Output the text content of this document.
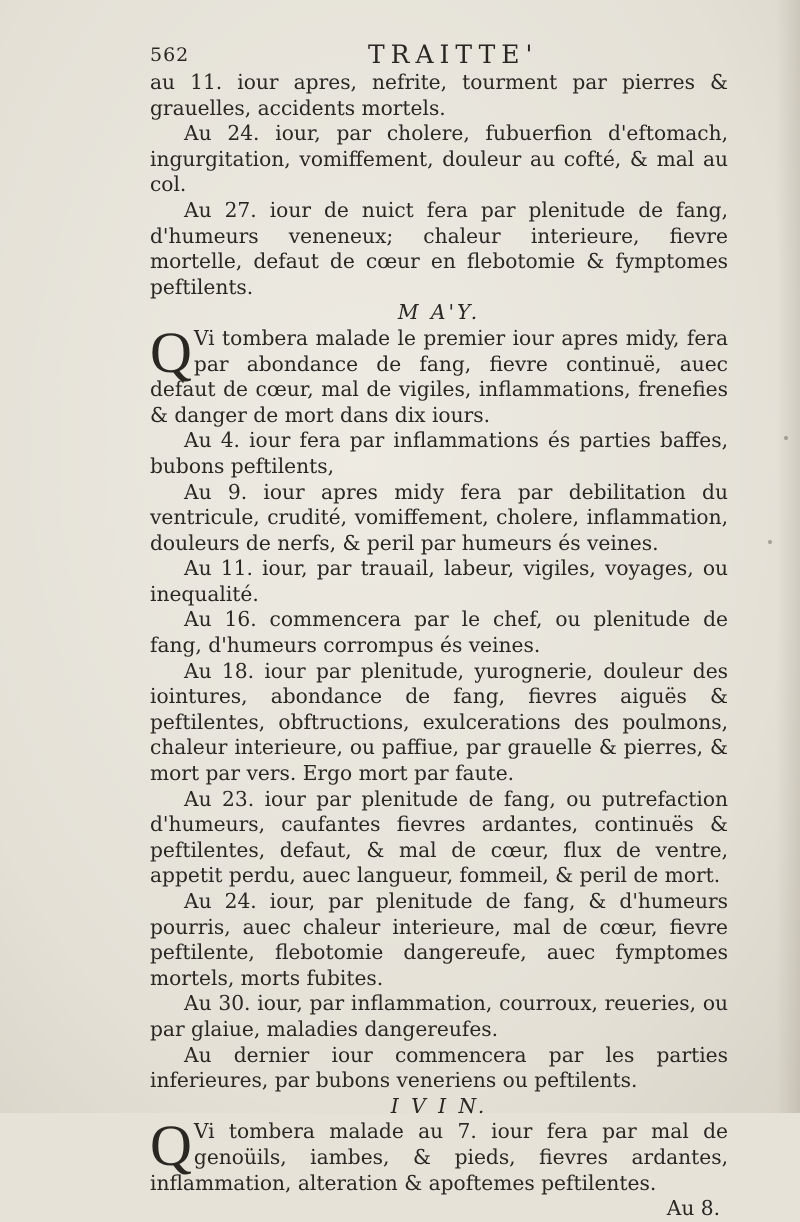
562	TRAITTE'

au 11. iour apres, nefrite, tourment par pierres & grauelles, accidents mortels.

Au 24. iour, par cholere, fubuerfion d'eftomach, ingurgitation, vomiffement, douleur au cofté, & mal au col.

Au 27. iour de nuict fera par plenitude de fang, d'humeurs veneneux; chaleur interieure, fievre mortelle, defaut de cœur en flebotomie & fymptomes peftilents.

M A'Y.

Q Vi tombera malade le premier iour apres midy, fera par abondance de fang, fievre continuë, auec defaut de cœur, mal de vigiles, inflammations, frenefies & danger de mort dans dix iours.

Au 4. iour fera par inflammations és parties baffes, bubons peftilents,

Au 9. iour apres midy fera par debilitation du ventricule, crudité, vomiffement, cholere, inflammation, douleurs de nerfs, & peril par humeurs és veines.

Au 11. iour, par trauail, labeur, vigiles, voyages, ou inequalité.

Au 16. commencera par le chef, ou plenitude de fang, d'humeurs corrompus és veines.

Au 18. iour par plenitude, yurognerie, douleur des iointures, abondance de fang, fievres aiguës & peftilentes, obftructions, exulcerations des poulmons, chaleur interieure, ou paffiue, par grauelle & pierres, & mort par vers. Ergo mort par faute.

Au 23. iour par plenitude de fang, ou putrefaction d'humeurs, caufantes fievres ardantes, continuës & peftilentes, defaut, & mal de cœur, flux de ventre, appetit perdu, auec langueur, fommeil, & peril de mort.

Au 24. iour, par plenitude de fang, & d'humeurs pourris, auec chaleur interieure, mal de cœur, fievre peftilente, flebotomie dangereufe, auec fymptomes mortels, morts fubites.

Au 30. iour, par inflammation, courroux, reueries, ou par glaiue, maladies dangereufes.

Au dernier iour commencera par les parties inferieures, par bubons veneriens ou peftilents.

I V I N.

Q Vi tombera malade au 7. iour fera par mal de genoüils, iambes, & pieds, fievres ardantes, inflammation, alteration & apoftemes peftilentes.

Au 8.
